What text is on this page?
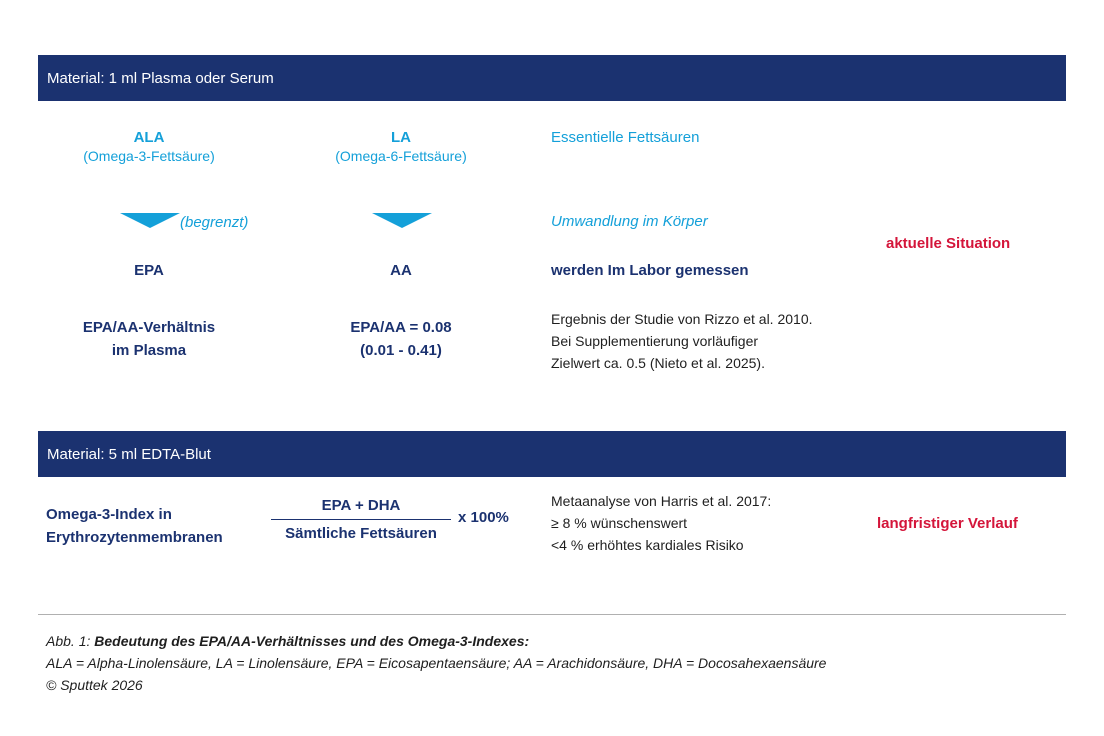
Material: 1 ml Plasma oder Serum
ALA
(Omega-3-Fettsäure)
LA
(Omega-6-Fettsäure)
Essentielle Fettsäuren
(begrenzt)	Umwandlung im Körper
aktuelle Situation
EPA	AA	werden Im Labor gemessen
EPA/AA-Verhältnis
im Plasma
EPA/AA = 0.08
(0.01 - 0.41)
Ergebnis der Studie von Rizzo et al. 2010.
Bei Supplementierung vorläufiger
Zielwert ca. 0.5 (Nieto et al. 2025).
Material: 5 ml EDTA-Blut
Omega-3-Index in
Erythrozytenmembranen
EPA + DHA
Sämtliche Fettsäuren
x 100%
Metaanalyse von Harris et al. 2017:
≥ 8 % wünschenswert
<4 % erhöhtes kardiales Risiko
langfristiger Verlauf
Abb. 1: Bedeutung des EPA/AA-Verhältnisses und des Omega-3-Indexes:
ALA = Alpha-Linolensäure, LA = Linolensäure, EPA = Eicosapentaensäure; AA = Arachidonsäure, DHA = Docosahexaensäure
© Sputtek 2026
